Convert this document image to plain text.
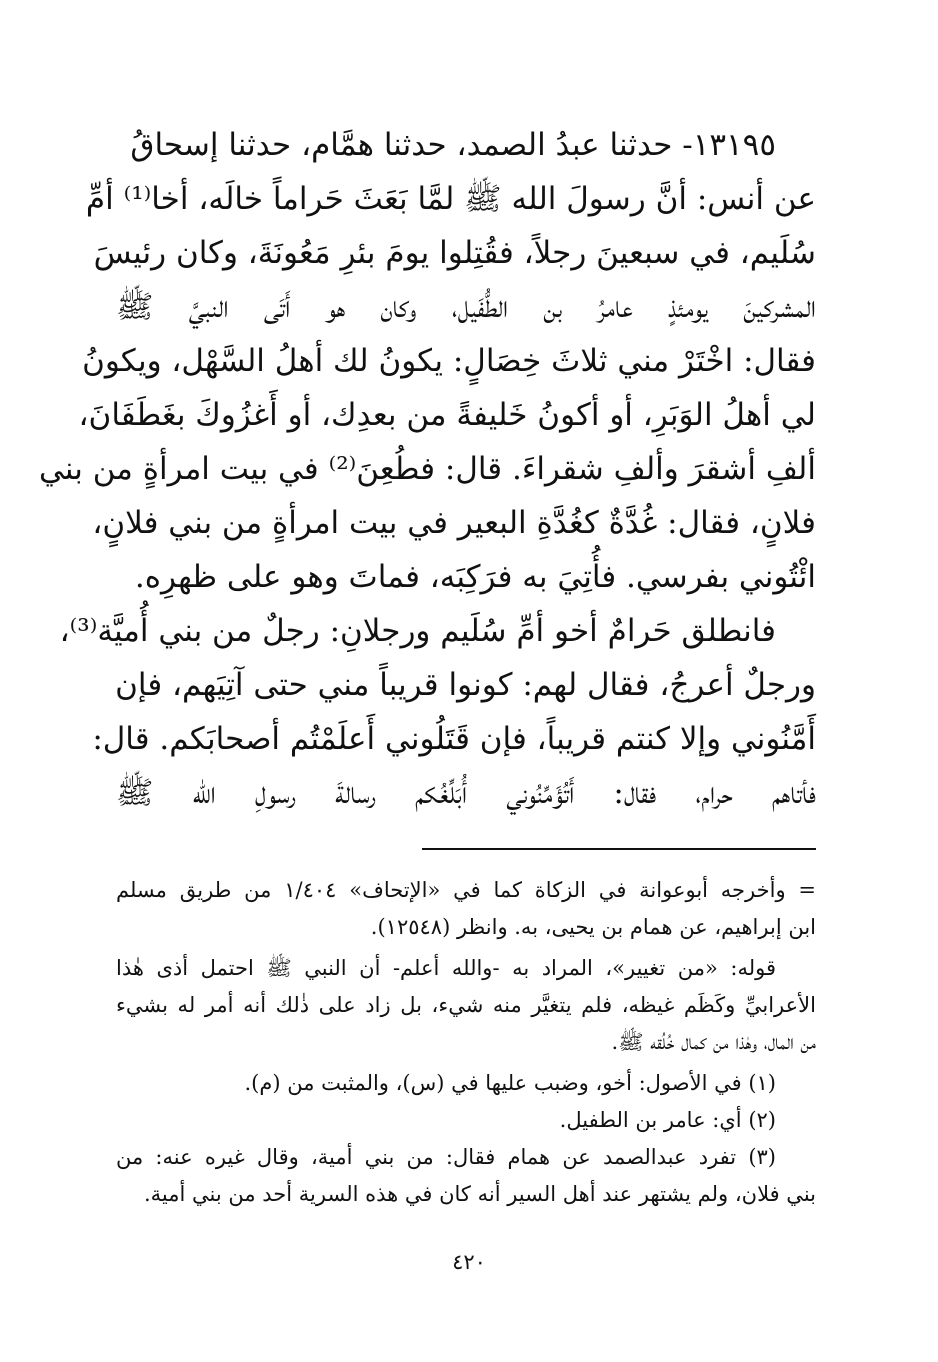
١٣١٩٥- حدثنا عبدُ الصمد، حدثنا همَّام، حدثنا إسحاقُ
عن أنس: أنَّ رسولَ الله ﷺ لمَّا بَعَثَ حَراماً خالَه، أخا⁽¹⁾ أمِّ
سُلَيم، في سبعينَ رجلاً، فقُتِلوا يومَ بئرِ مَعُونَةَ، وكان رئيسَ
المشركينَ يومئذٍ عامرُ بن الطُّفَيل، وكان هو أَتَى النبيَّ ﷺ
فقال: اخْتَرْ مني ثلاثَ خِصَالٍ: يكونُ لك أهلُ السَّهْل، ويكونُ
لي أهلُ الوَبَرِ، أو أكونُ خَليفةً من بعدِك، أو أَغزُوكَ بغَطَفَانَ،
ألفِ أشقرَ وألفِ شقراءَ. قال: فطُعِنَ⁽²⁾ في بيت امرأةٍ من بني
فلانٍ، فقال: غُدَّةٌ كغُدَّةِ البعير في بيت امرأةٍ من بني فلانٍ،
ائْتُوني بفرسي. فأُتِيَ به فرَكِبَه، فماتَ وهو على ظهرِه.
فانطلق حَرامٌ أخو أمِّ سُلَيم ورجلانِ: رجلٌ من بني أُميَّة⁽³⁾،
ورجلٌ أعرجُ، فقال لهم: كونوا قريباً مني حتى آتِيَهم، فإن
أَمَّنُوني وإلا كنتم قريباً، فإن قَتَلُوني أَعلَمْتُم أصحابَكم. قال:
فأتاهم حرام، فقال: أَتُؤَمِّنُوني أُبَلِّغُكم رسالةَ رسولِ الله ﷺ
= وأخرجه أبوعوانة في الزكاة كما في «الإتحاف» ١/٤٠٤ من طريق مسلم
ابن إبراهيم، عن همام بن يحيى، به. وانظر (١٢٥٤٨).
قوله: «من تغيير»، المراد به -والله أعلم- أن النبي ﷺ احتمل أذى هٰذا
الأعرابيِّ وكَظَم غيظه، فلم يتغيَّر منه شيء، بل زاد على ذٰلك أنه أمر له بشيء
من المال، وهٰذا من كمال خُلُقه ﷺ.
(١) في الأصول: أخو، وضبب عليها في (س)، والمثبت من (م).
(٢) أي: عامر بن الطفيل.
(٣) تفرد عبدالصمد عن همام فقال: من بني أمية، وقال غيره عنه: من
بني فلان، ولم يشتهر عند أهل السير أنه كان في هذه السرية أحد من بني أمية.
٤٢٠
